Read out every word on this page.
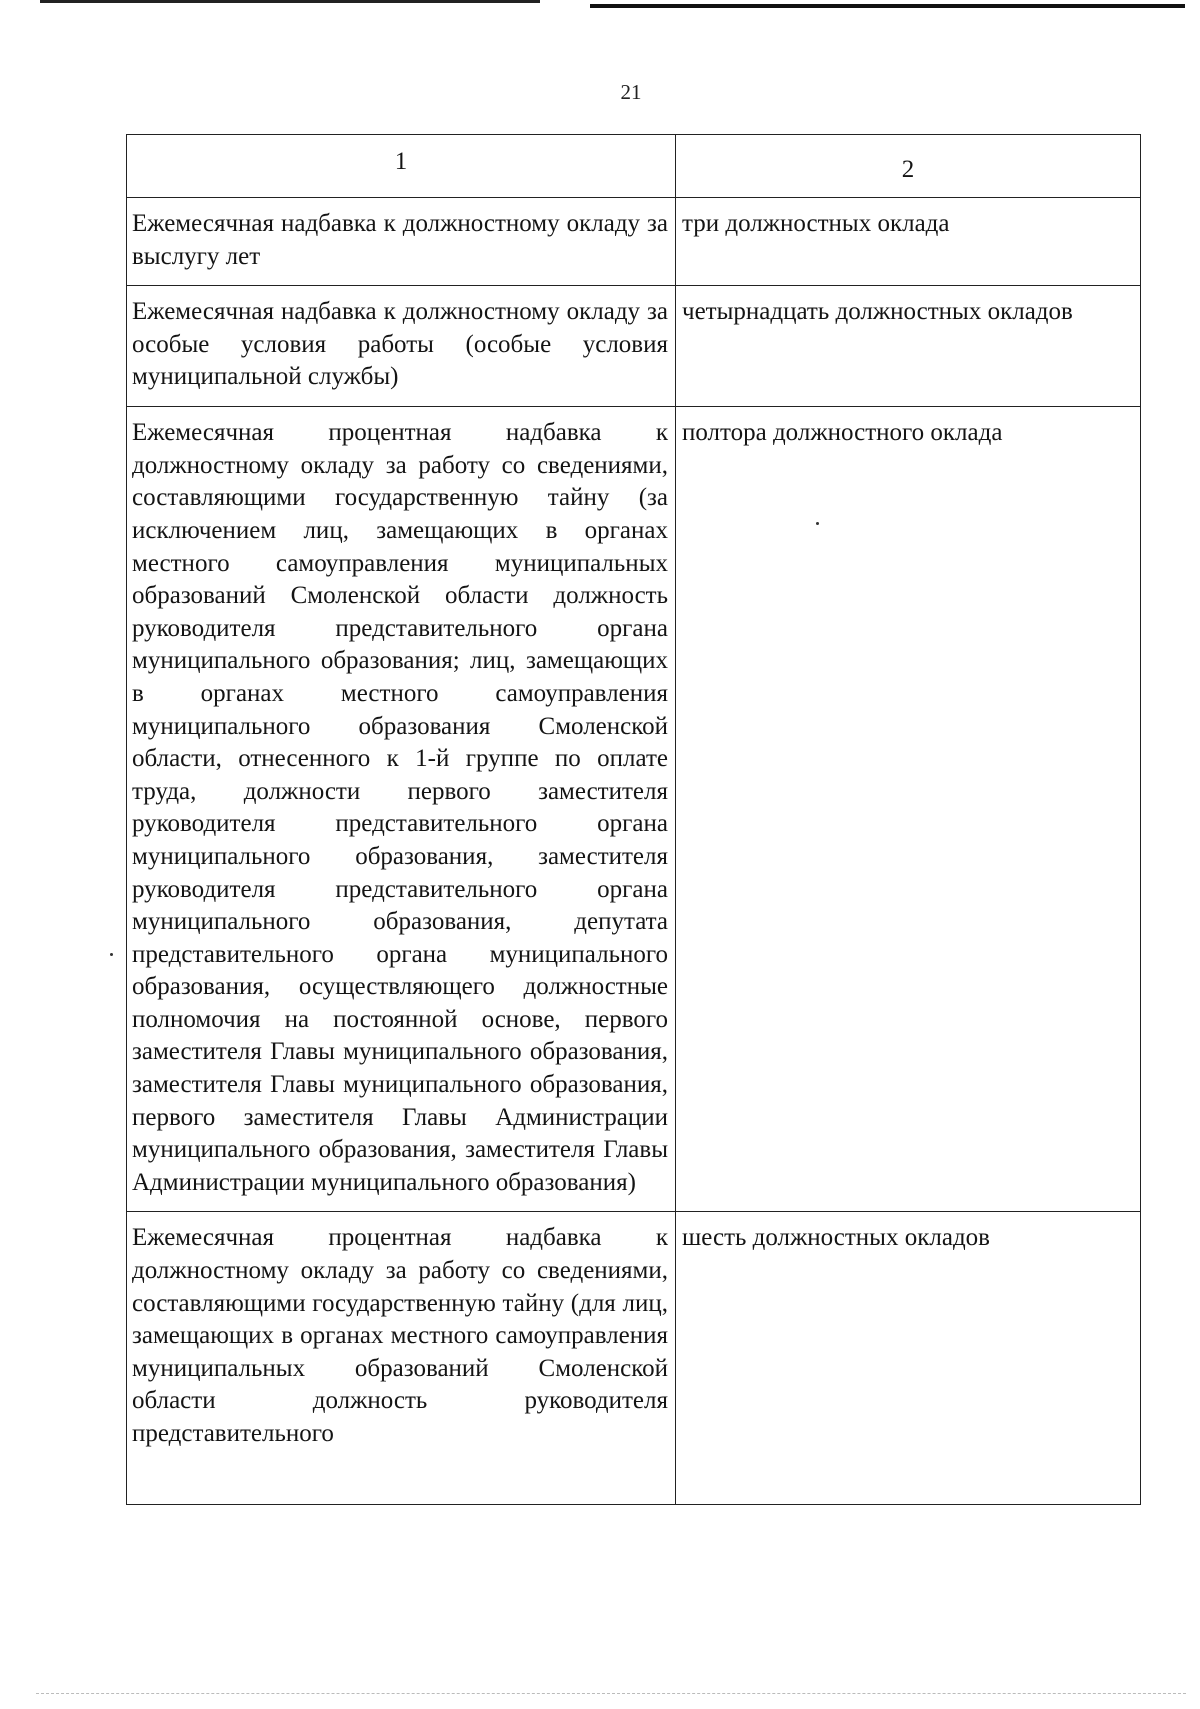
21
1	2
Ежемесячная надбавка к должностному окладу за выслугу лет	три должностных оклада
Ежемесячная надбавка к должностному окладу за особые условия работы (особые условия муниципальной службы)	четырнадцать должностных окладов
Ежемесячная процентная надбавка к должностному окладу за работу со сведениями, составляющими государственную тайну (за исключением лиц, замещающих в органах местного самоуправления муниципальных образований Смоленской области должность руководителя представительного органа муниципального образования; лиц, замещающих в органах местного самоуправления муниципального образования Смоленской области, отнесенного к 1-й группе по оплате труда, должности первого заместителя руководителя представительного органа муниципального образования, заместителя руководителя представительного органа муниципального образования, депутата представительного органа муниципального образования, осуществляющего должностные полномочия на постоянной основе, первого заместителя Главы муниципального образования, заместителя Главы муниципального образования, первого заместителя Главы Администрации муниципального образования, заместителя Главы Администрации муниципального образования)	полтора должностного оклада
Ежемесячная процентная надбавка к должностному окладу за работу со сведениями, составляющими государственную тайну (для лиц, замещающих в органах местного самоуправления муниципальных образований Смоленской области должность руководителя представительного	шесть должностных окладов
